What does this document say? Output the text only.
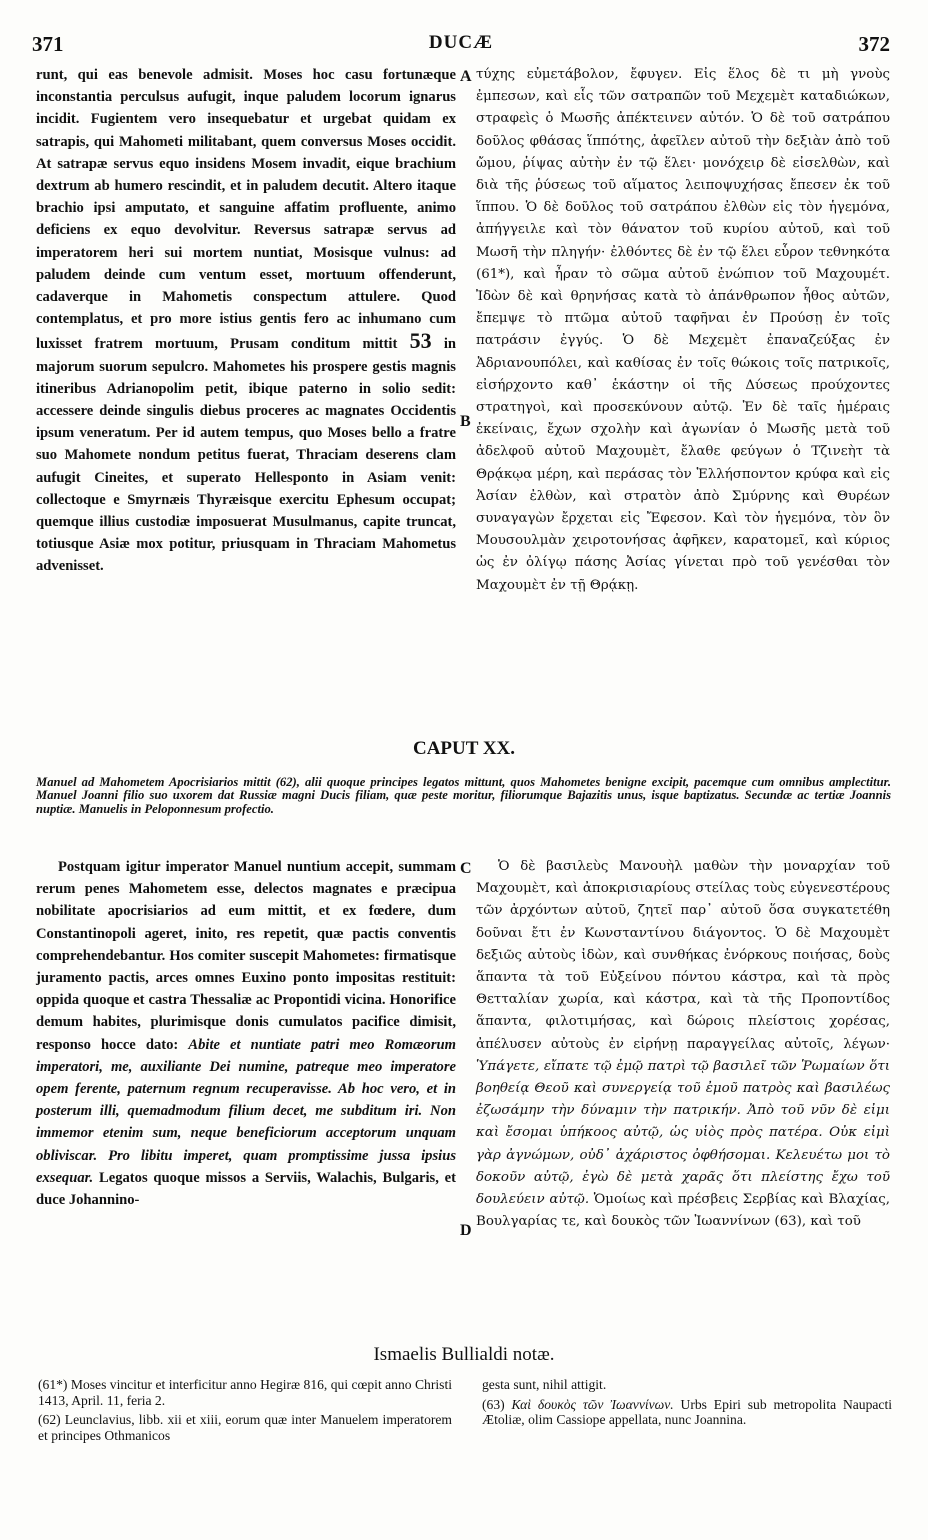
371	DUCÆ	372
A
B
C
D

runt, qui eas benevole admisit. Moses hoc casu fortunæque inconstantia perculsus aufugit, inque paludem locorum ignarus incidit. Fugientem vero insequebatur et urgebat quidam ex satrapis, qui Mahometi militabant, quem conversus Moses occidit. At satrapæ servus equo insidens Mosem invadit, eique brachium dextrum ab humero rescindit, et in paludem decutit. Altero itaque brachio ipsi amputato, et sanguine affatim profluente, animo deficiens ex equo devolvitur. Reversus satrapæ servus ad imperatorem heri sui mortem nuntiat, Mosisque vulnus: ad paludem deinde cum ventum esset, mortuum offenderunt, cadaverque in Mahometis conspectum attulere. Quod contemplatus, et pro more istius gentis fero ac inhumano cum luxisset fratrem mortuum, Prusam conditum mittit 53 in majorum suorum sepulcro. Mahometes his prospere gestis magnis itineribus Adrianopolim petit, ibique paterno in solio sedit: accessere deinde singulis diebus proceres ac magnates Occidentis ipsum veneratum. Per id autem tempus, quo Moses bello a fratre suo Mahomete nondum petitus fuerat, Thraciam deserens clam aufugit Cineites, et superato Hellesponto in Asiam venit: collectoque e Smyrnæis Thyræisque exercitu Ephesum occupat; quemque illius custodiæ imposuerat Musulmanus, capite truncat, totiusque Asiæ mox potitur, priusquam in Thraciam Mahometus advenisset.

τύχης εὐμετάβολον, ἔφυγεν. Εἰς ἕλος δὲ τι μὴ γνοὺς ἐμπεσων, καὶ εἷς τῶν σατραπῶν τοῦ Μεχεμὲτ καταδιώκων, στραφεὶς ὁ Μωσῆς ἀπέκτεινεν αὐτόν. Ὁ δὲ τοῦ σατράπου δοῦλος φθάσας ἵππότης, ἀφεῖλεν αὐτοῦ τὴν δεξιὰν ἀπὸ τοῦ ὤμου, ῥίψας αὐτὴν ἐν τῷ ἕλει· μονόχειρ δὲ εἰσελθὼν, καὶ διὰ τῆς ῥύσεως τοῦ αἵματος λειποψυχήσας ἔπεσεν ἐκ τοῦ ἵππου. Ὁ δὲ δοῦλος τοῦ σατράπου ἐλθὼν εἰς τὸν ἡγεμόνα, ἀπήγγειλε καὶ τὸν θάνατον τοῦ κυρίου αὐτοῦ, καὶ τοῦ Μωσῆ τὴν πληγήν· ἐλθόντες δὲ ἐν τῷ ἕλει εὗρον τεθνηκότα (61*), καὶ ἦραν τὸ σῶμα αὐτοῦ ἐνώπιον τοῦ Μαχουμέτ. Ἰδὼν δὲ καὶ θρηνήσας κατὰ τὸ ἀπάνθρωπον ἦθος αὐτῶν, ἔπεμψε τὸ πτῶμα αὐτοῦ ταφῆναι ἐν Προύσῃ ἐν τοῖς πατράσιν ἐγγύς. Ὁ δὲ Μεχεμὲτ ἐπαναζεύξας ἐν Ἀδριανουπόλει, καὶ καθίσας ἐν τοῖς θώκοις τοῖς πατρικοῖς, εἰσήρχοντο καθ᾽ ἑκάστην οἱ τῆς Δύσεως προύχοντες στρατηγοὶ, καὶ προσεκύνουν αὐτῷ. Ἐν δὲ ταῖς ἡμέραις ἐκείναις, ἔχων σχολὴν καὶ ἀγωνίαν ὁ Μωσῆς μετὰ τοῦ ἀδελφοῦ αὐτοῦ Μαχουμὲτ, ἔλαθε φεύγων ὁ Τζινεὴτ τὰ Θρᾴκῳα μέρη, καὶ περάσας τὸν Ἑλλήσποντον κρύφα καὶ εἰς Ἀσίαν ἐλθὼν, καὶ στρατὸν ἀπὸ Σμύρνης καὶ Θυρέων συναγαγὼν ἔρχεται εἰς Ἔφεσον. Καὶ τὸν ἡγεμόνα, τὸν ὃν Μουσουλμὰν χειροτονήσας ἀφῆκεν, καρατομεῖ, καὶ κύριος ὡς ἐν ὀλίγῳ πάσης Ἀσίας γίνεται πρὸ τοῦ γενέσθαι τὸν Μαχουμὲτ ἐν τῇ Θρᾴκῃ.

CAPUT XX.
Manuel ad Mahometem Apocrisiarios mittit (62), alii quoque principes legatos mittunt, quos Mahometes benigne excipit, pacemque cum omnibus amplectitur. Manuel Joanni filio suo uxorem dat Russiæ magni Ducis filiam, quæ peste moritur, filiorumque Bajazitis unus, isque baptizatus. Secundæ ac tertiæ Joannis nuptiæ. Manuelis in Peloponnesum profectio.

Postquam igitur imperator Manuel nuntium accepit, summam rerum penes Mahometem esse, delectos magnates e præcipua nobilitate apocrisiarios ad eum mittit, et ex fœdere, dum Constantinopoli ageret, inito, res repetit, quæ pactis conventis comprehendebantur. Hos comiter suscepit Mahometes: firmatisque juramento pactis, arces omnes Euxino ponto impositas restituit: oppida quoque et castra Thessaliæ ac Propontidi vicina. Honorifice demum habites, plurimisque donis cumulatos pacifice dimisit, responso hocce dato: Abite et nuntiate patri meo Romæorum imperatori, me, auxiliante Dei numine, patreque meo imperatore opem ferente, paternum regnum recuperavisse. Ab hoc vero, et in posterum illi, quemadmodum filium decet, me subditum iri. Non immemor etenim sum, neque beneficiorum acceptorum unquam obliviscar. Pro libitu imperet, quam promptissime jussa ipsius exsequar. Legatos quoque missos a Serviis, Walachis, Bulgaris, et duce Johannino-

Ὁ δὲ βασιλεὺς Μανουὴλ μαθὼν τὴν μοναρχίαν τοῦ Μαχουμὲτ, καὶ ἀποκρισιαρίους στείλας τοὺς εὐγενεστέρους τῶν ἀρχόντων αὐτοῦ, ζητεῖ παρ᾽ αὐτοῦ ὅσα συγκατετέθη δοῦναι ἔτι ἐν Κωνσταντίνου διάγοντος. Ὁ δὲ Μαχουμὲτ δεξιῶς αὐτοὺς ἰδὼν, καὶ συνθήκας ἐνόρκους ποιήσας, δοὺς ἅπαντα τὰ τοῦ Εὐξείνου πόντου κάστρα, καὶ τὰ πρὸς Θετταλίαν χωρία, καὶ κάστρα, καὶ τὰ τῆς Προποντίδος ἅπαντα, φιλοτιμήσας, καὶ δώροις πλείστοις χορέσας, ἀπέλυσεν αὐτοὺς ἐν εἰρήνῃ παραγγείλας αὐτοῖς, λέγων· Ὑπάγετε, εἴπατε τῷ ἐμῷ πατρὶ τῷ βασιλεῖ τῶν Ῥωμαίων ὅτι βοηθείᾳ Θεοῦ καὶ συνεργείᾳ τοῦ ἐμοῦ πατρὸς καὶ βασιλέως ἐζωσάμην τὴν δύναμιν τὴν πατρικήν. Ἀπὸ τοῦ νῦν δὲ εἰμι καὶ ἔσομαι ὑπήκοος αὐτῷ, ὡς υἱὸς πρὸς πατέρα. Οὐκ εἰμὶ γὰρ ἀγνώμων, οὐδ᾽ ἀχάριστος ὀφθήσομαι. Κελευέτω μοι τὸ δοκοῦν αὐτῷ, ἐγὼ δὲ μετὰ χαρᾶς ὅτι πλείστης ἔχω τοῦ δουλεύειν αὐτῷ. Ὁμοίως καὶ πρέσβεις Σερβίας καὶ Βλαχίας, Βουλγαρίας τε, καὶ δουκὸς τῶν Ἰωαννίνων (63), καὶ τοῦ

Ismaelis Bullialdi notæ.

(61*) Moses vincitur et interficitur anno Hegiræ 816, qui cœpit anno Christi 1413, April. 11, feria 2.

(62) Leunclavius, libb. xii et xiii, eorum quæ inter Manuelem imperatorem et principes Othmanicos

gesta sunt, nihil attigit.

(63) Καὶ δουκὸς τῶν Ἰωαννίνων. Urbs Epiri sub metropolita Naupacti Ætoliæ, olim Cassiope appellata, nunc Joannina.
